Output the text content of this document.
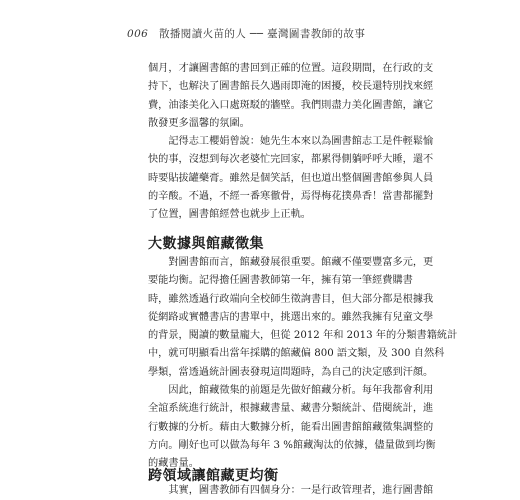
006 散播閱讀火苗的人 ── 臺灣圖書教師的故事
個月，才讓圖書館的書回到正確的位置。這段期間，在行政的支
持下，也解決了圖書館長久遇雨即淹的困擾，校長還特別找來經
費，油漆美化入口處斑駁的牆壁。我們則盡力美化圖書館，讓它
散發更多溫馨的氛圍。
　　記得志工櫻娟曾說：她先生本來以為圖書館志工是件輕鬆愉
快的事，沒想到每次老婆忙完回家，都累得側躺呼呼大睡，還不
時要貼拔罐藥膏。雖然是個笑話，但也道出整個圖書館參與人員
的辛酸。不過，不經一番寒徹骨，焉得梅花撲鼻香！當書都擺對
了位置，圖書館經營也就步上正軌。
大數據與館藏徵集
　　對圖書館而言，館藏發展很重要。館藏不僅要豐富多元，更
要能均衡。記得擔任圖書教師第一年，擁有第一筆經費購書
時，雖然透過行政端向全校師生徵詢書目，但大部分都是根據我
從網路或實體書店的書單中，挑選出來的。雖然我擁有兒童文學
的背景，閱讀的數量龐大，但從 2012 年和 2013 年的分類書籍統計
中，就可明顯看出當年採購的館藏偏 800 語文類，及 300 自然科
學類，當透過統計圖表發現這問題時，為自己的決定感到汗顏。
　　因此，館藏徵集的前題是先做好館藏分析。每年我都會利用
全誼系統進行統計，根據藏書量、藏書分類統計、借閱統計，進
行數據的分析。藉由大數據分析，能看出圖書館館藏徵集調整的
方向。剛好也可以做為每年 3 %館藏淘汰的依據，儘量做到均衡
的藏書量。
跨領域讓館藏更均衡
　　其實，圖書教師有四個身分：一是行政管理者，進行圖書館
